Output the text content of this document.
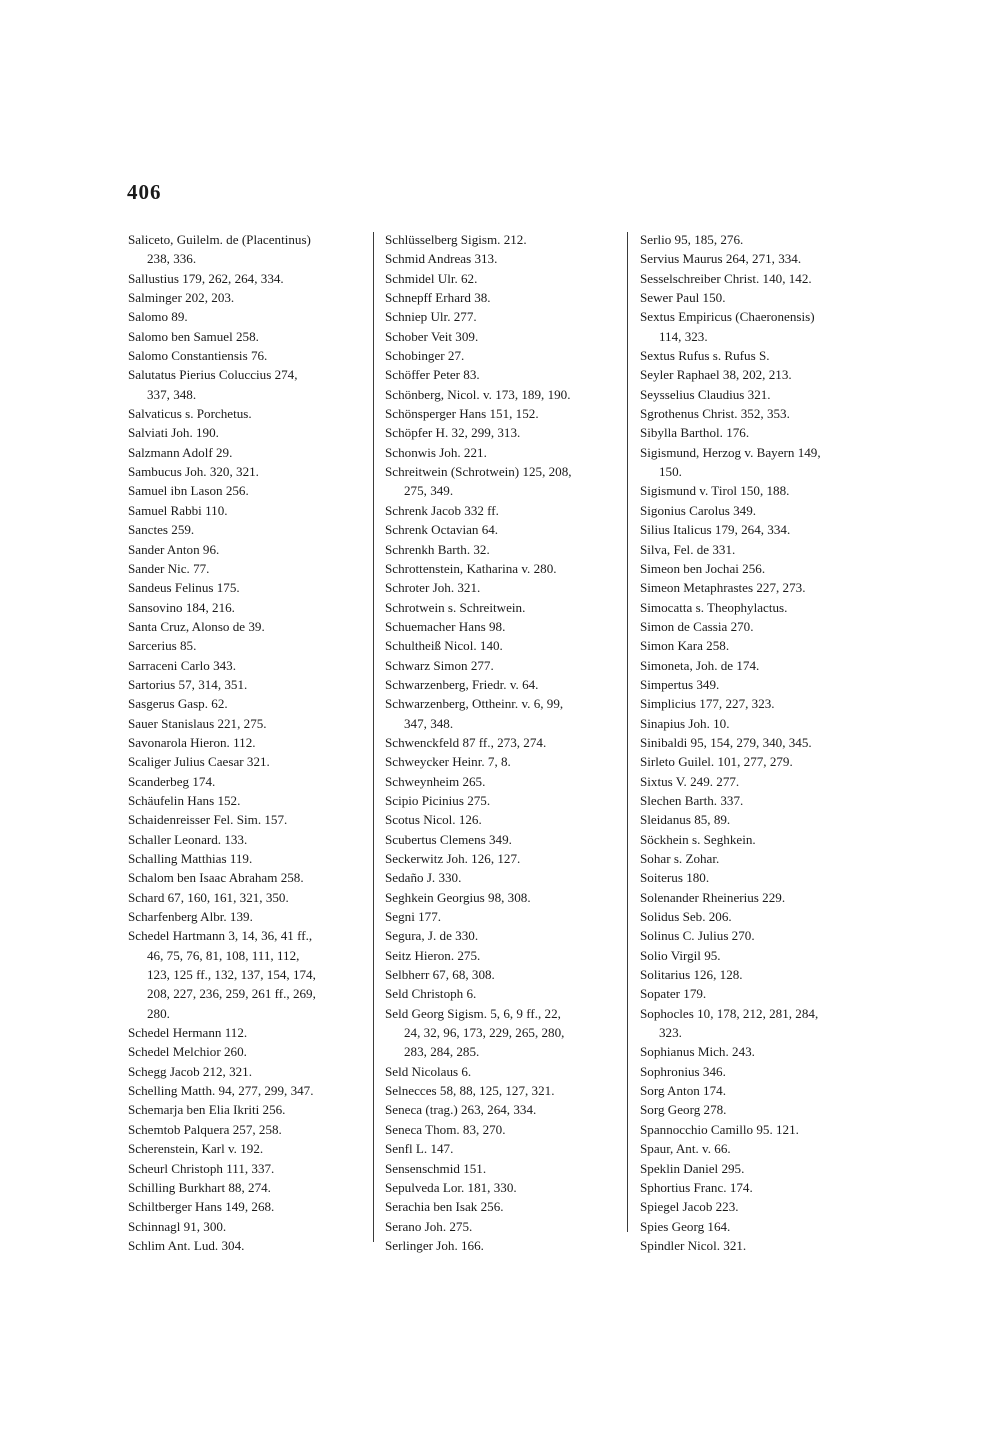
406
Saliceto, Guilelm. de (Placentinus)
238, 336.
Sallustius 179, 262, 264, 334.
Salminger 202, 203.
Salomo 89.
Salomo ben Samuel 258.
Salomo Constantiensis 76.
Salutatus Pierius Coluccius 274,
337, 348.
Salvaticus s. Porchetus.
Salviati Joh. 190.
Salzmann Adolf 29.
Sambucus Joh. 320, 321.
Samuel ibn Lason 256.
Samuel Rabbi 110.
Sanctes 259.
Sander Anton 96.
Sander Nic. 77.
Sandeus Felinus 175.
Sansovino 184, 216.
Santa Cruz, Alonso de 39.
Sarcerius 85.
Sarraceni Carlo 343.
Sartorius 57, 314, 351.
Sasgerus Gasp. 62.
Sauer Stanislaus 221, 275.
Savonarola Hieron. 112.
Scaliger Julius Caesar 321.
Scanderbeg 174.
Schäufelin Hans 152.
Schaidenreisser Fel. Sim. 157.
Schaller Leonard. 133.
Schalling Matthias 119.
Schalom ben Isaac Abraham 258.
Schard 67, 160, 161, 321, 350.
Scharfenberg Albr. 139.
Schedel Hartmann 3, 14, 36, 41 ff.,
46, 75, 76, 81, 108, 111, 112,
123, 125 ff., 132, 137, 154, 174,
208, 227, 236, 259, 261 ff., 269,
280.
Schedel Hermann 112.
Schedel Melchior 260.
Schegg Jacob 212, 321.
Schelling Matth. 94, 277, 299, 347.
Schemarja ben Elia Ikriti 256.
Schemtob Palquera 257, 258.
Scherenstein, Karl v. 192.
Scheurl Christoph 111, 337.
Schilling Burkhart 88, 274.
Schiltberger Hans 149, 268.
Schinnagl 91, 300.
Schlim Ant. Lud. 304.
Schlüsselberg Sigism. 212.
Schmid Andreas 313.
Schmidel Ulr. 62.
Schnepff Erhard 38.
Schniep Ulr. 277.
Schober Veit 309.
Schobinger 27.
Schöffer Peter 83.
Schönberg, Nicol. v. 173, 189, 190.
Schönsperger Hans 151, 152.
Schöpfer H. 32, 299, 313.
Schonwis Joh. 221.
Schreitwein (Schrotwein) 125, 208,
275, 349.
Schrenk Jacob 332 ff.
Schrenk Octavian 64.
Schrenkh Barth. 32.
Schrottenstein, Katharina v. 280.
Schroter Joh. 321.
Schrotwein s. Schreitwein.
Schuemacher Hans 98.
Schultheiß Nicol. 140.
Schwarz Simon 277.
Schwarzenberg, Friedr. v. 64.
Schwarzenberg, Ottheinr. v. 6, 99,
347, 348.
Schwenckfeld 87 ff., 273, 274.
Schweycker Heinr. 7, 8.
Schweynheim 265.
Scipio Picinius 275.
Scotus Nicol. 126.
Scubertus Clemens 349.
Seckerwitz Joh. 126, 127.
Sedaño J. 330.
Seghkein Georgius 98, 308.
Segni 177.
Segura, J. de 330.
Seitz Hieron. 275.
Selbherr 67, 68, 308.
Seld Christoph 6.
Seld Georg Sigism. 5, 6, 9 ff., 22,
24, 32, 96, 173, 229, 265, 280,
283, 284, 285.
Seld Nicolaus 6.
Selnecces 58, 88, 125, 127, 321.
Seneca (trag.) 263, 264, 334.
Seneca Thom. 83, 270.
Senfl L. 147.
Sensenschmid 151.
Sepulveda Lor. 181, 330.
Serachia ben Isak 256.
Serano Joh. 275.
Serlinger Joh. 166.
Serlio 95, 185, 276.
Servius Maurus 264, 271, 334.
Sesselschreiber Christ. 140, 142.
Sewer Paul 150.
Sextus Empiricus (Chaeronensis)
114, 323.
Sextus Rufus s. Rufus S.
Seyler Raphael 38, 202, 213.
Seysselius Claudius 321.
Sgrothenus Christ. 352, 353.
Sibylla Barthol. 176.
Sigismund, Herzog v. Bayern 149,
150.
Sigismund v. Tirol 150, 188.
Sigonius Carolus 349.
Silius Italicus 179, 264, 334.
Silva, Fel. de 331.
Simeon ben Jochai 256.
Simeon Metaphrastes 227, 273.
Simocatta s. Theophylactus.
Simon de Cassia 270.
Simon Kara 258.
Simoneta, Joh. de 174.
Simpertus 349.
Simplicius 177, 227, 323.
Sinapius Joh. 10.
Sinibaldi 95, 154, 279, 340, 345.
Sirleto Guilel. 101, 277, 279.
Sixtus V. 249. 277.
Slechen Barth. 337.
Sleidanus 85, 89.
Söckhein s. Seghkein.
Sohar s. Zohar.
Soiterus 180.
Solenander Rheinerius 229.
Solidus Seb. 206.
Solinus C. Julius 270.
Solio Virgil 95.
Solitarius 126, 128.
Sopater 179.
Sophocles 10, 178, 212, 281, 284,
323.
Sophianus Mich. 243.
Sophronius 346.
Sorg Anton 174.
Sorg Georg 278.
Spannocchio Camillo 95. 121.
Spaur, Ant. v. 66.
Speklin Daniel 295.
Sphortius Franc. 174.
Spiegel Jacob 223.
Spies Georg 164.
Spindler Nicol. 321.
